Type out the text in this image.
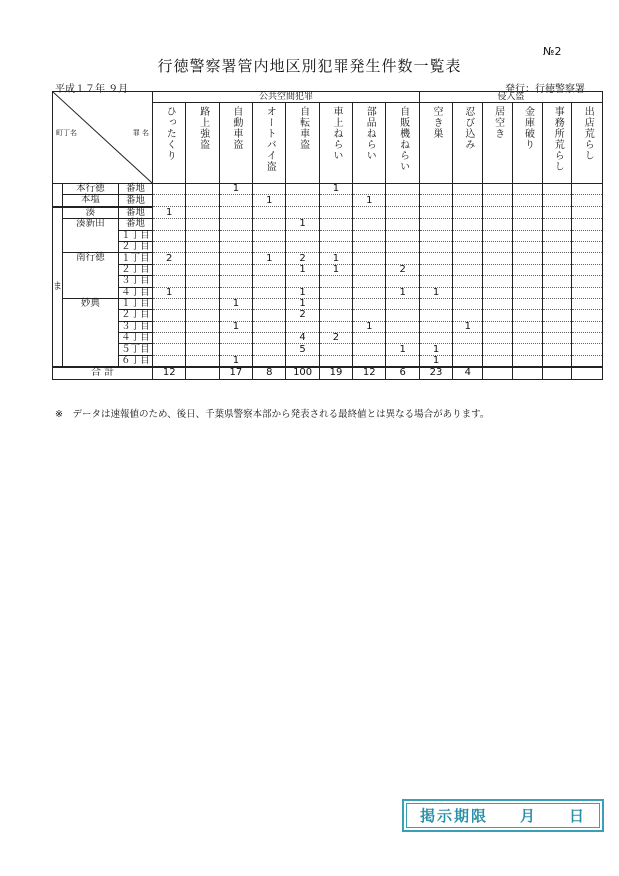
№2
行徳警察署管内地区別犯罪発生件数一覧表
平成１７年 ９月	発行：行徳警察署
町丁名 罪 名			公共空間犯罪								侵入盗					

			ひったくり	路上強盗	自動車盗	オートバイ盗	自転車盗	車上ねらい	部品ねらい	自販機ねらい	空き巣	忍び込み	居空き	金庫破り	事務所荒らし	出店荒らし

	本行徳	番地			1			1								
	本塩	番地				1			1							
ま	湊	番地	1													
	湊新田	番地					1									
		１丁目														
		２丁目														
	南行徳	１丁目	2			1	2	1								
		２丁目					1	1		2						
		３丁目														
		４丁目	1				1			1	1					
	妙典	１丁目			1		1									
		２丁目					2									
		３丁目			1				1			1				
		４丁目					4	2								
		５丁目					5			1	1					
		６丁目			1						1					
合 計			12		17	8	100	19	12	6	23	4				
※　データは速報値のため、後日、千葉県警察本部から発表される最終値とは異なる場合があります。
掲示期限 月 日
